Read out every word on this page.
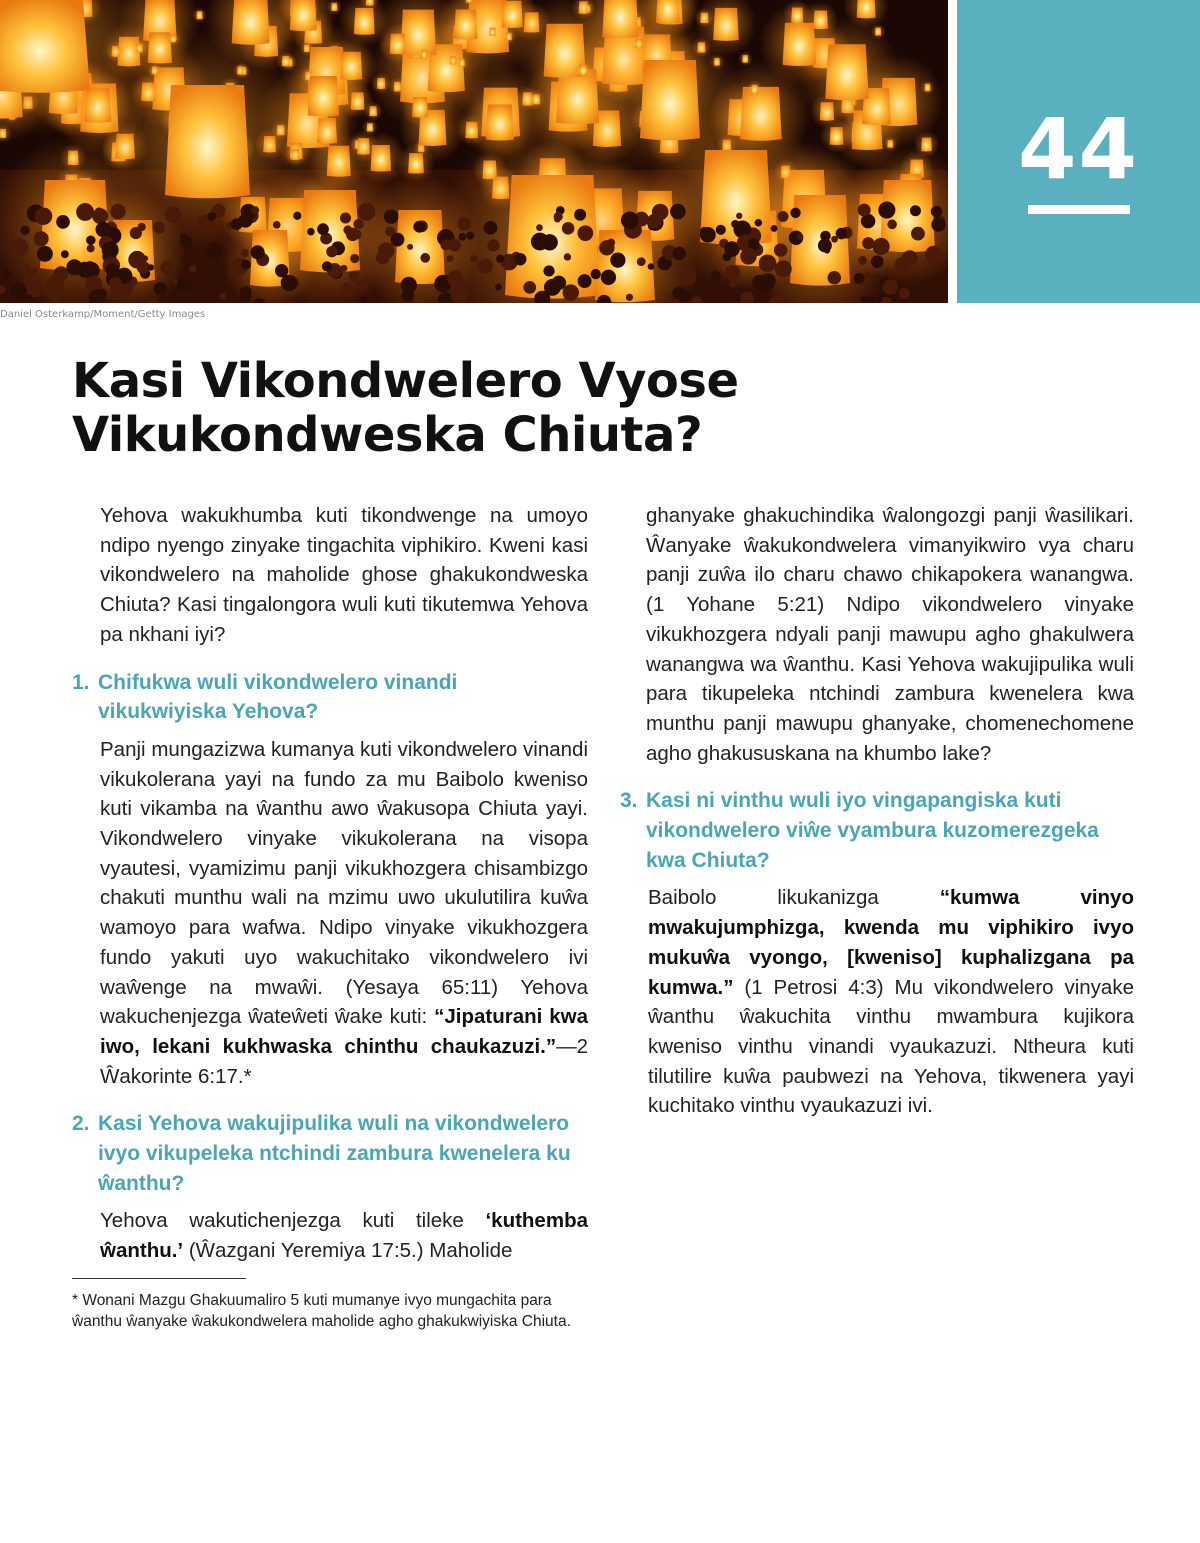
44
Daniel Osterkamp/Moment/Getty Images
Kasi Vikondwelero Vyose Vikukondweska Chiuta?

Yehova wakukhumba kuti tikondwenge na umoyo ndipo nyengo zinyake tingachita viphikiro. Kweni kasi vikondwelero na maholide ghose ghakukondweska Chiuta? Kasi tingalongora wuli kuti tikutemwa Yehova pa nkhani iyi?

1. Chifukwa wuli vikondwelero vinandi vikukwiyiska Yehova?

Panji mungazizwa kumanya kuti vikondwelero vinandi vikukolerana yayi na fundo za mu Baibolo kweniso kuti vikamba na ŵanthu awo ŵakusopa Chiuta yayi. Vikondwelero vinyake vikukolerana na visopa vyautesi, vyamizimu panji vikukhozgera chisambizgo chakuti munthu wali na mzimu uwo ukulutilira kuŵa wamoyo para wafwa. Ndipo vinyake vikukhozgera fundo yakuti uyo wakuchitako vikondwelero ivi waŵenge na mwaŵi. (Yesaya 65:11) Yehova wakuchenjezga ŵateŵeti ŵake kuti: “Jipaturani kwa iwo, lekani kukhwaska chinthu chaukazuzi.”—2 Ŵakorinte 6:17.*

2. Kasi Yehova wakujipulika wuli na vikondwelero ivyo vikupeleka ntchindi zambura kwenelera ku ŵanthu?

Yehova wakutichenjezga kuti tileke ‘kuthemba ŵanthu.’ (Ŵazgani Yeremiya 17:5.) Maholide

ghanyake ghakuchindika ŵalongozgi panji ŵasilikari. Ŵanyake ŵakukondwelera vimanyikwiro vya charu panji zuŵa ilo charu chawo chikapokera wanangwa. (1 Yohane 5:21) Ndipo vikondwelero vinyake vikukhozgera ndyali panji mawupu agho ghakulwera wanangwa wa ŵanthu. Kasi Yehova wakujipulika wuli para tikupeleka ntchindi zambura kwenelera kwa munthu panji mawupu ghanyake, chomenechomene agho ghakususkana na khumbo lake?

3. Kasi ni vinthu wuli iyo vingapangiska kuti vikondwelero viŵe vyambura kuzomerezgeka kwa Chiuta?

Baibolo likukanizga “kumwa vinyo mwakujumphizga, kwenda mu viphikiro ivyo mukuŵa vyongo, [kweniso] kuphalizgana pa kumwa.” (1 Petrosi 4:3) Mu vikondwelero vinyake ŵanthu ŵakuchita vinthu mwambura kujikora kweniso vinthu vinandi vyaukazuzi. Ntheura kuti tilutilire kuŵa paubwezi na Yehova, tikwenera yayi kuchitako vinthu vyaukazuzi ivi.

* Wonani Mazgu Ghakuumaliro 5 kuti mumanye ivyo mungachita para ŵanthu ŵanyake ŵakukondwelera maholide agho ghakukwiyiska Chiuta.
